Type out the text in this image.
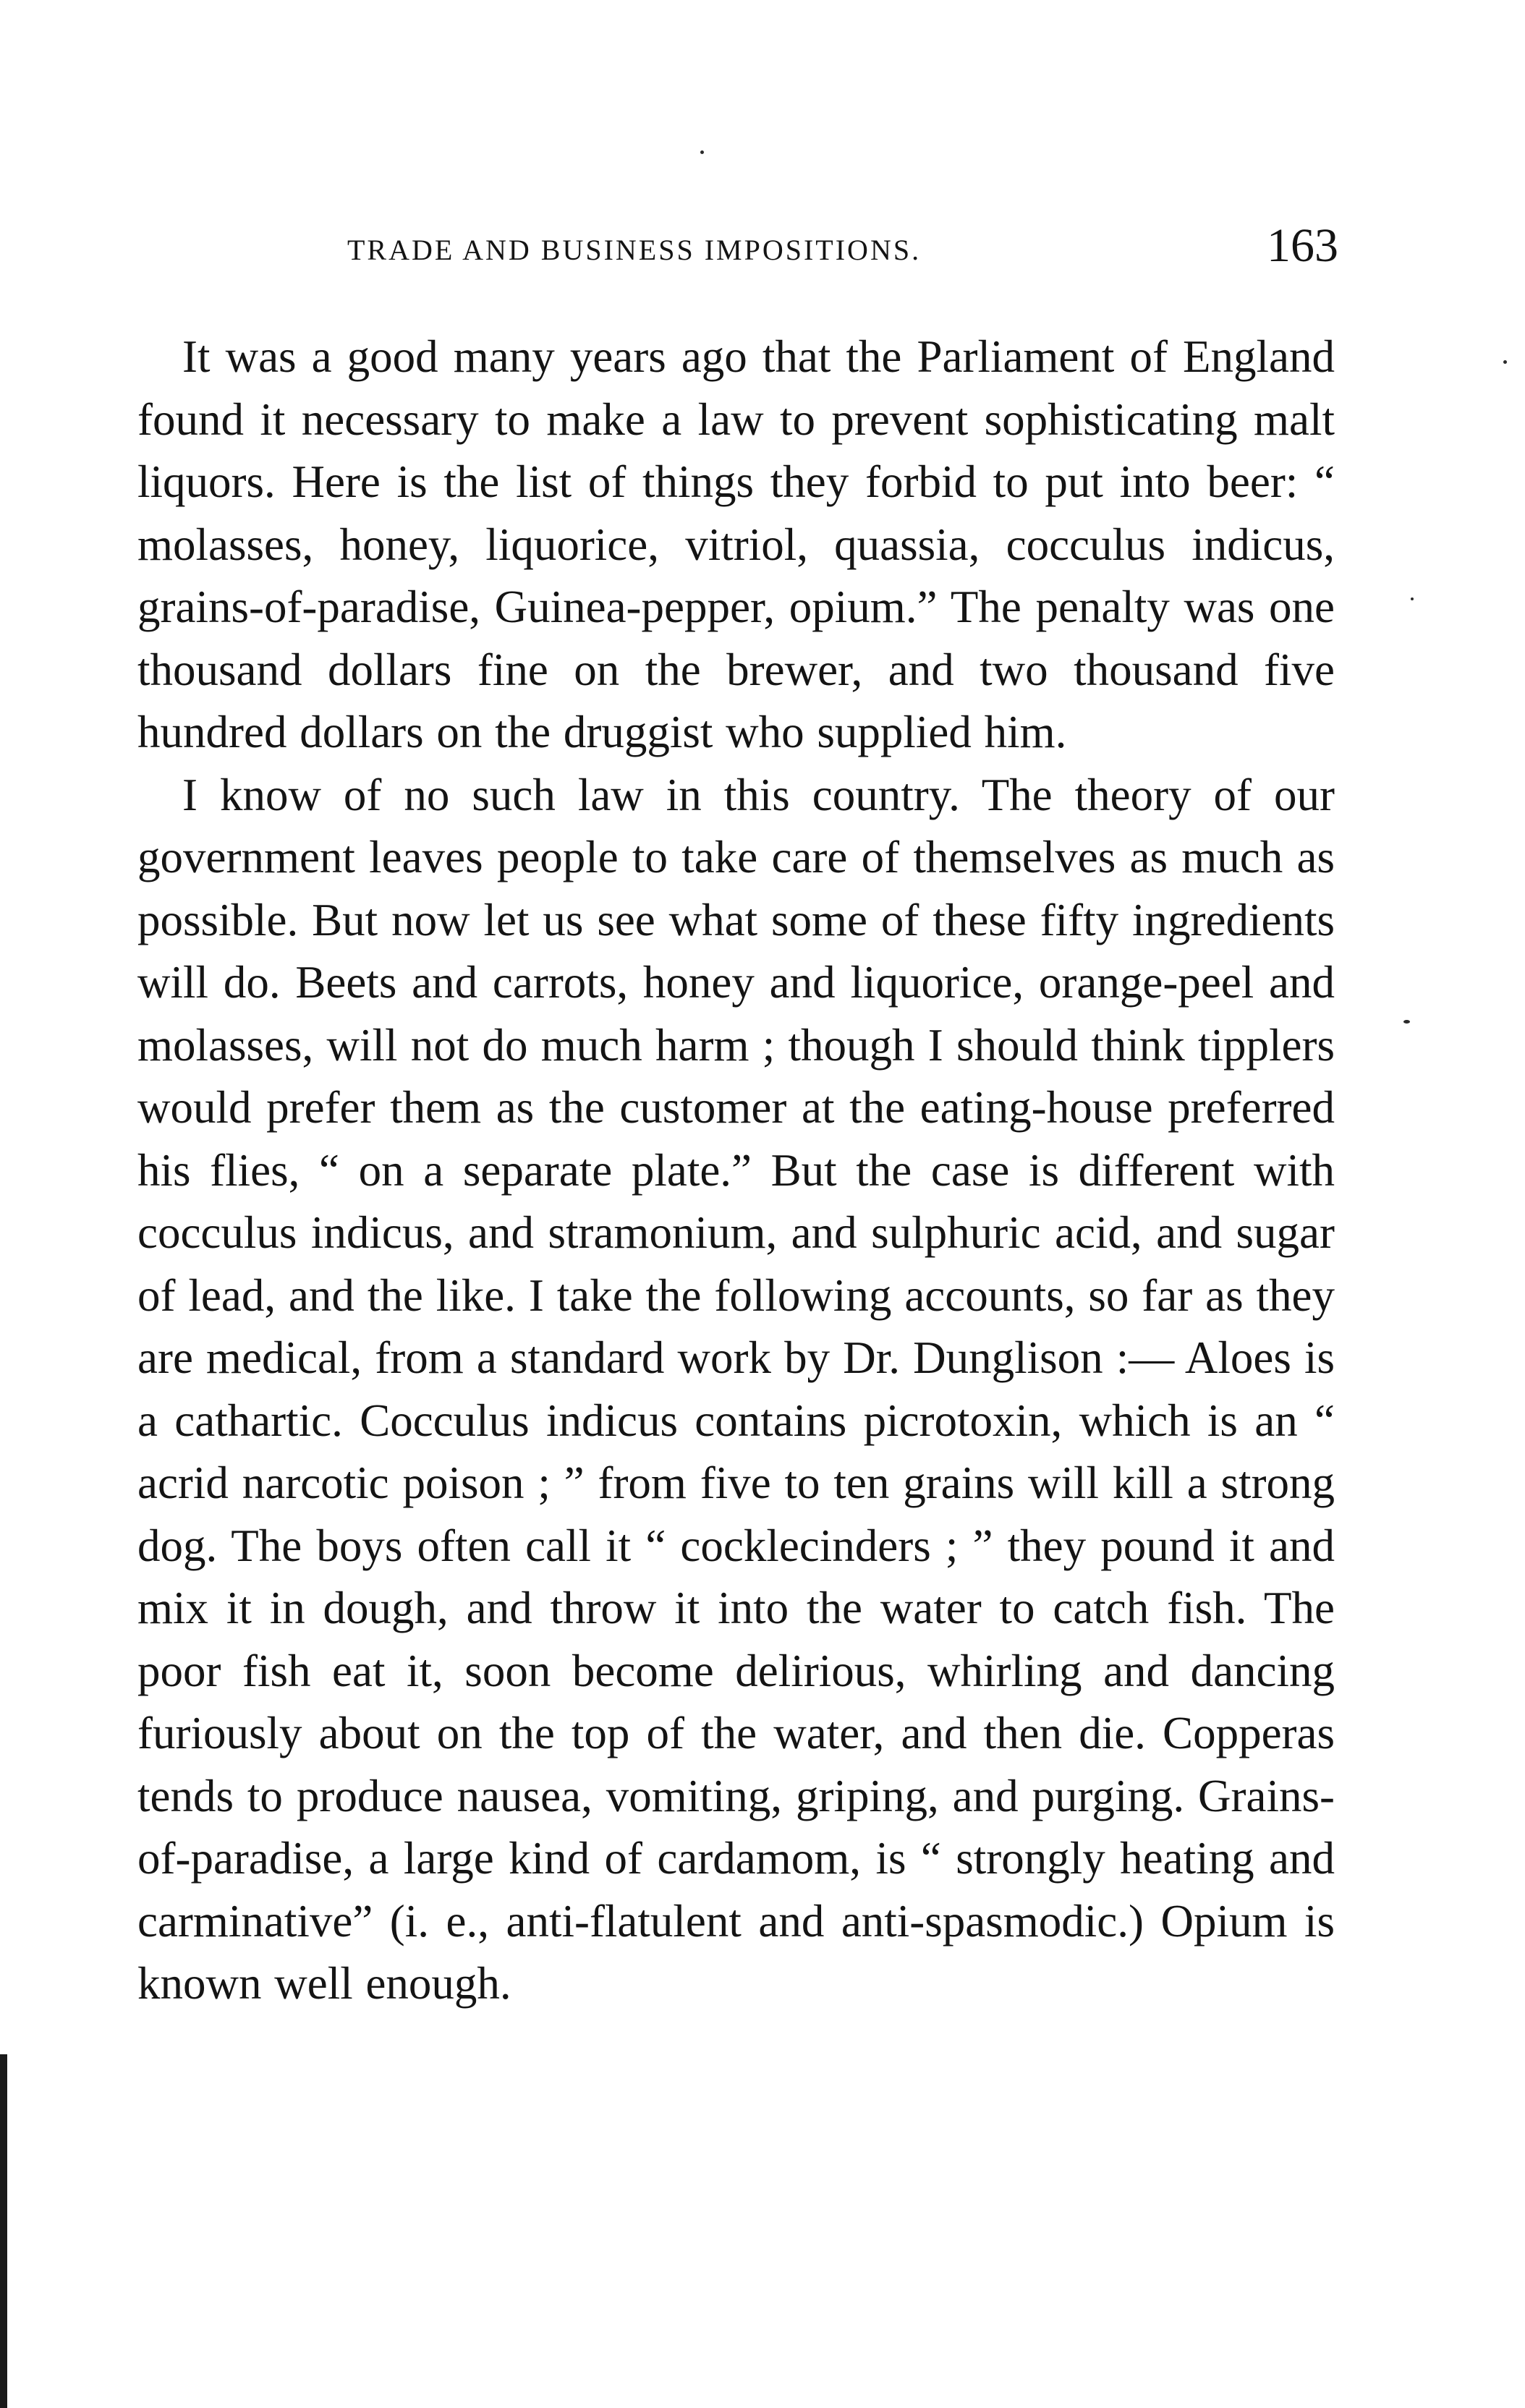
TRADE AND BUSINESS IMPOSITIONS.	163

It was a good many years ago that the Parliament of England found it necessary to make a law to prevent sophisticating malt liquors. Here is the list of things they forbid to put into beer: “ molasses, honey, liquorice, vitriol, quassia, cocculus indicus, grains-of-paradise, Guinea-pepper, opium.” The penalty was one thousand dollars fine on the brewer, and two thousand five hundred dollars on the druggist who supplied him.

I know of no such law in this country. The theory of our government leaves people to take care of themselves as much as possible. But now let us see what some of these fifty ingredients will do. Beets and carrots, honey and liquorice, orange-peel and molasses, will not do much harm ; though I should think tipplers would prefer them as the customer at the eating-house preferred his flies, “ on a separate plate.” But the case is different with cocculus indicus, and stramonium, and sulphuric acid, and sugar of lead, and the like. I take the following accounts, so far as they are medical, from a standard work by Dr. Dunglison :— Aloes is a cathartic. Cocculus indicus contains picrotoxin, which is an “ acrid narcotic poison ; ” from five to ten grains will kill a strong dog. The boys often call it “ cocklecinders ; ” they pound it and mix it in dough, and throw it into the water to catch fish. The poor fish eat it, soon become delirious, whirling and dancing furiously about on the top of the water, and then die. Copperas tends to produce nausea, vomiting, griping, and purging. Grains-of-paradise, a large kind of cardamom, is “ strongly heating and carminative” (i. e., anti-flatulent and anti-spasmodic.) Opium is known well enough.
